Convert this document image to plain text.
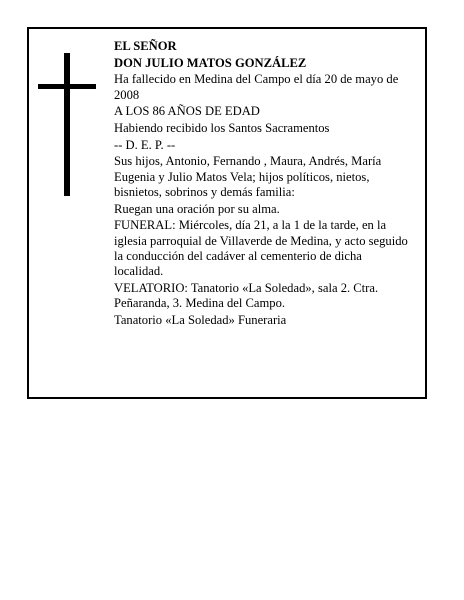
EL SEÑOR
DON JULIO MATOS GONZÁLEZ
Ha fallecido en Medina del Campo el día 20 de mayo de 2008
A LOS 86 AÑOS DE EDAD
Habiendo recibido los Santos Sacramentos
-- D. E. P. --
Sus hijos, Antonio, Fernando , Maura, Andrés, María Eugenia y Julio Matos Vela; hijos políticos, nietos, bisnietos, sobrinos y demás familia:
Ruegan una oración por su alma.
FUNERAL: Miércoles, día 21, a la 1 de la tarde, en la iglesia parroquial de Villaverde de Medina, y acto seguido la conducción del cadáver al cementerio de dicha localidad.
VELATORIO: Tanatorio «La Soledad», sala 2. Ctra. Peñaranda, 3. Medina del Campo.
Tanatorio «La Soledad» Funeraria
